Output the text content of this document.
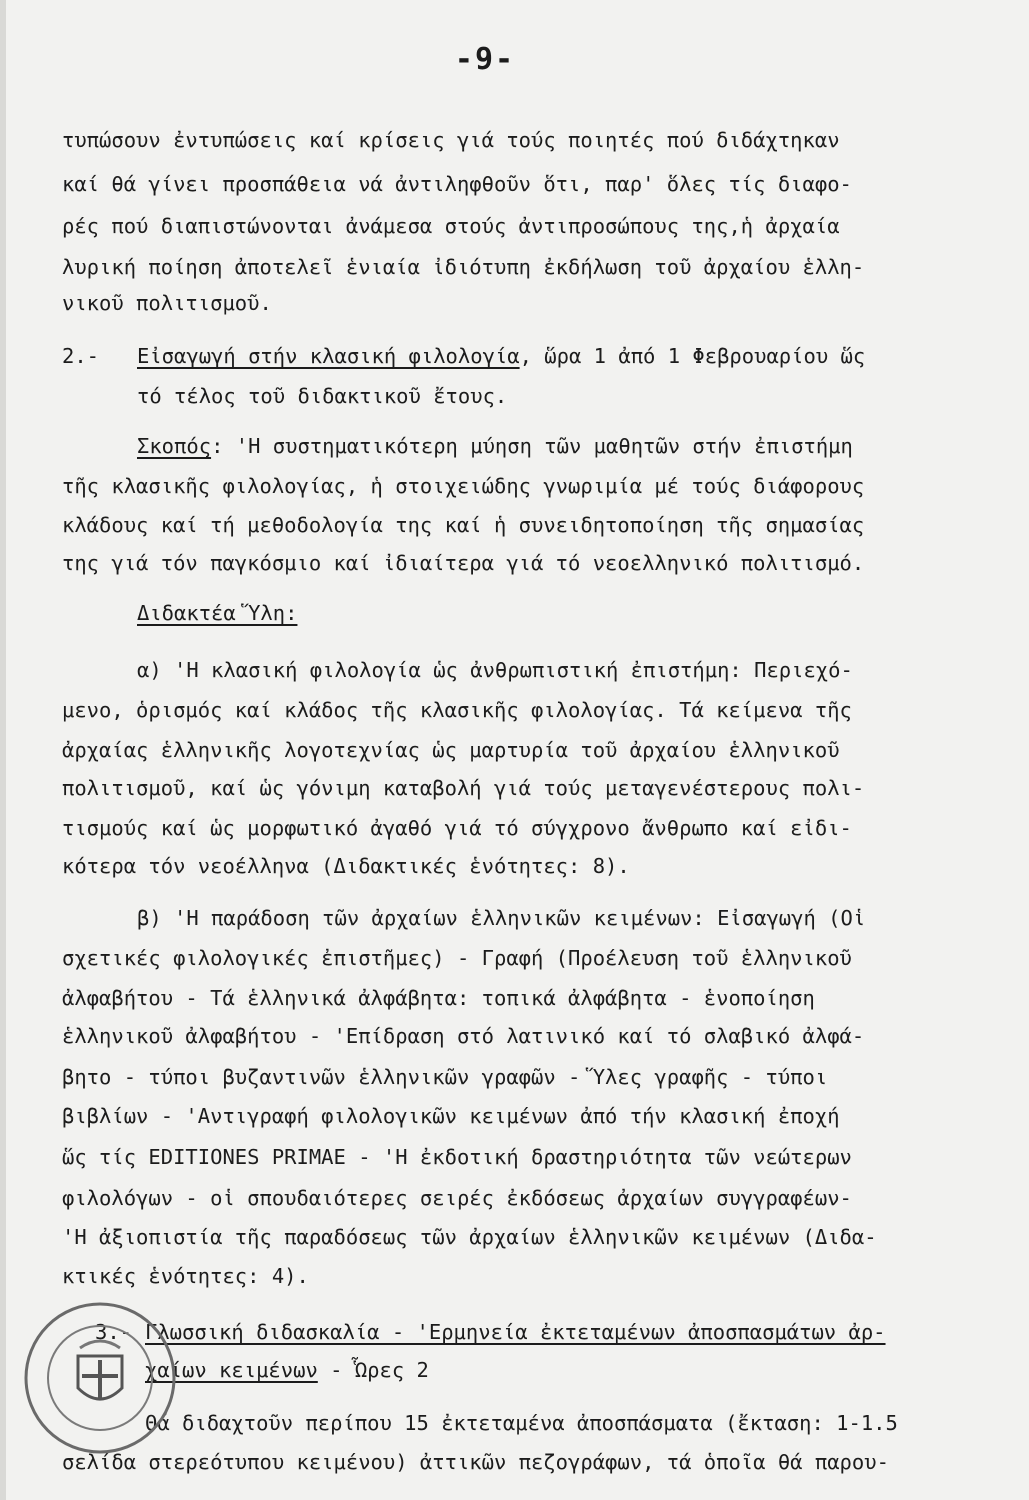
-9-
τυπώσουν ἐντυπώσεις καί κρίσεις γιά τούς ποιητές πού διδάχτηκαν
καί θά γίνει προσπάθεια νά ἀντιληφθοῦν ὅτι, παρ' ὅλες τίς διαφο-
ρές πού διαπιστώνονται ἀνάμεσα στούς ἀντιπροσώπους της,ἡ ἀρχαία
λυρική ποίηση ἀποτελεῖ ἑνιαία ἰδιότυπη ἐκδήλωση τοῦ ἀρχαίου ἑλλη-
νικοῦ πολιτισμοῦ.
2.- Εἰσαγωγή στήν κλασική φιλολογία, ὥρα 1 ἀπό 1 Φεβρουαρίου ὥς
τό τέλος τοῦ διδακτικοῦ ἔτους.
Σκοπός: 'Η συστηματικότερη μύηση τῶν μαθητῶν στήν ἐπιστήμη
τῆς κλασικῆς φιλολογίας, ἡ στοιχειώδης γνωριμία μέ τούς διάφορους
κλάδους καί τή μεθοδολογία της καί ἡ συνειδητοποίηση τῆς σημασίας
της γιά τόν παγκόσμιο καί ἰδιαίτερα γιά τό νεοελληνικό πολιτισμό.
Διδακτέα Ὕλη:
α) 'Η κλασική φιλολογία ὡς ἀνθρωπιστική ἐπιστήμη: Περιεχό-
μενο, ὁρισμός καί κλάδος τῆς κλασικῆς φιλολογίας. Τά κείμενα τῆς
ἀρχαίας ἑλληνικῆς λογοτεχνίας ὡς μαρτυρία τοῦ ἀρχαίου ἑλληνικοῦ
πολιτισμοῦ, καί ὡς γόνιμη καταβολή γιά τούς μεταγενέστερους πολι-
τισμούς καί ὡς μορφωτικό ἀγαθό γιά τό σύγχρονο ἄνθρωπο καί εἰδι-
κότερα τόν νεοέλληνα (Διδακτικές ἑνότητες: 8).
β) 'Η παράδοση τῶν ἀρχαίων ἑλληνικῶν κειμένων: Εἰσαγωγή (Οἱ
σχετικές φιλολογικές ἐπιστῆμες) - Γραφή (Προέλευση τοῦ ἑλληνικοῦ
ἀλφαβήτου - Τά ἑλληνικά ἀλφάβητα: τοπικά ἀλφάβητα - ἑνοποίηση
ἑλληνικοῦ ἀλφαβήτου - 'Επίδραση στό λατινικό καί τό σλαβικό ἀλφά-
βητο - τύποι βυζαντινῶν ἑλληνικῶν γραφῶν - Ὕλες γραφῆς - τύποι
βιβλίων - 'Αντιγραφή φιλολογικῶν κειμένων ἀπό τήν κλασική ἐποχή
ὥς τίς EDITIONES PRIMAE - 'Η ἐκδοτική δραστηριότητα τῶν νεώτερων
φιλολόγων - οἱ σπουδαιότερες σειρές ἐκδόσεως ἀρχαίων συγγραφέων-
'Η ἀξιοπιστία τῆς παραδόσεως τῶν ἀρχαίων ἑλληνικῶν κειμένων (Διδα-
κτικές ἑνότητες: 4).
3.- Γλωσσική διδασκαλία - 'Ερμηνεία ἐκτεταμένων ἀποσπασμάτων ἀρ-
χαίων κειμένων - Ὧρες 2
Θά διδαχτοῦν περίπου 15 ἐκτεταμένα ἀποσπάσματα (ἔκταση: 1-1.5
σελίδα στερεότυπου κειμένου) ἀττικῶν πεζογράφων, τά ὁποῖα θά παρου-
